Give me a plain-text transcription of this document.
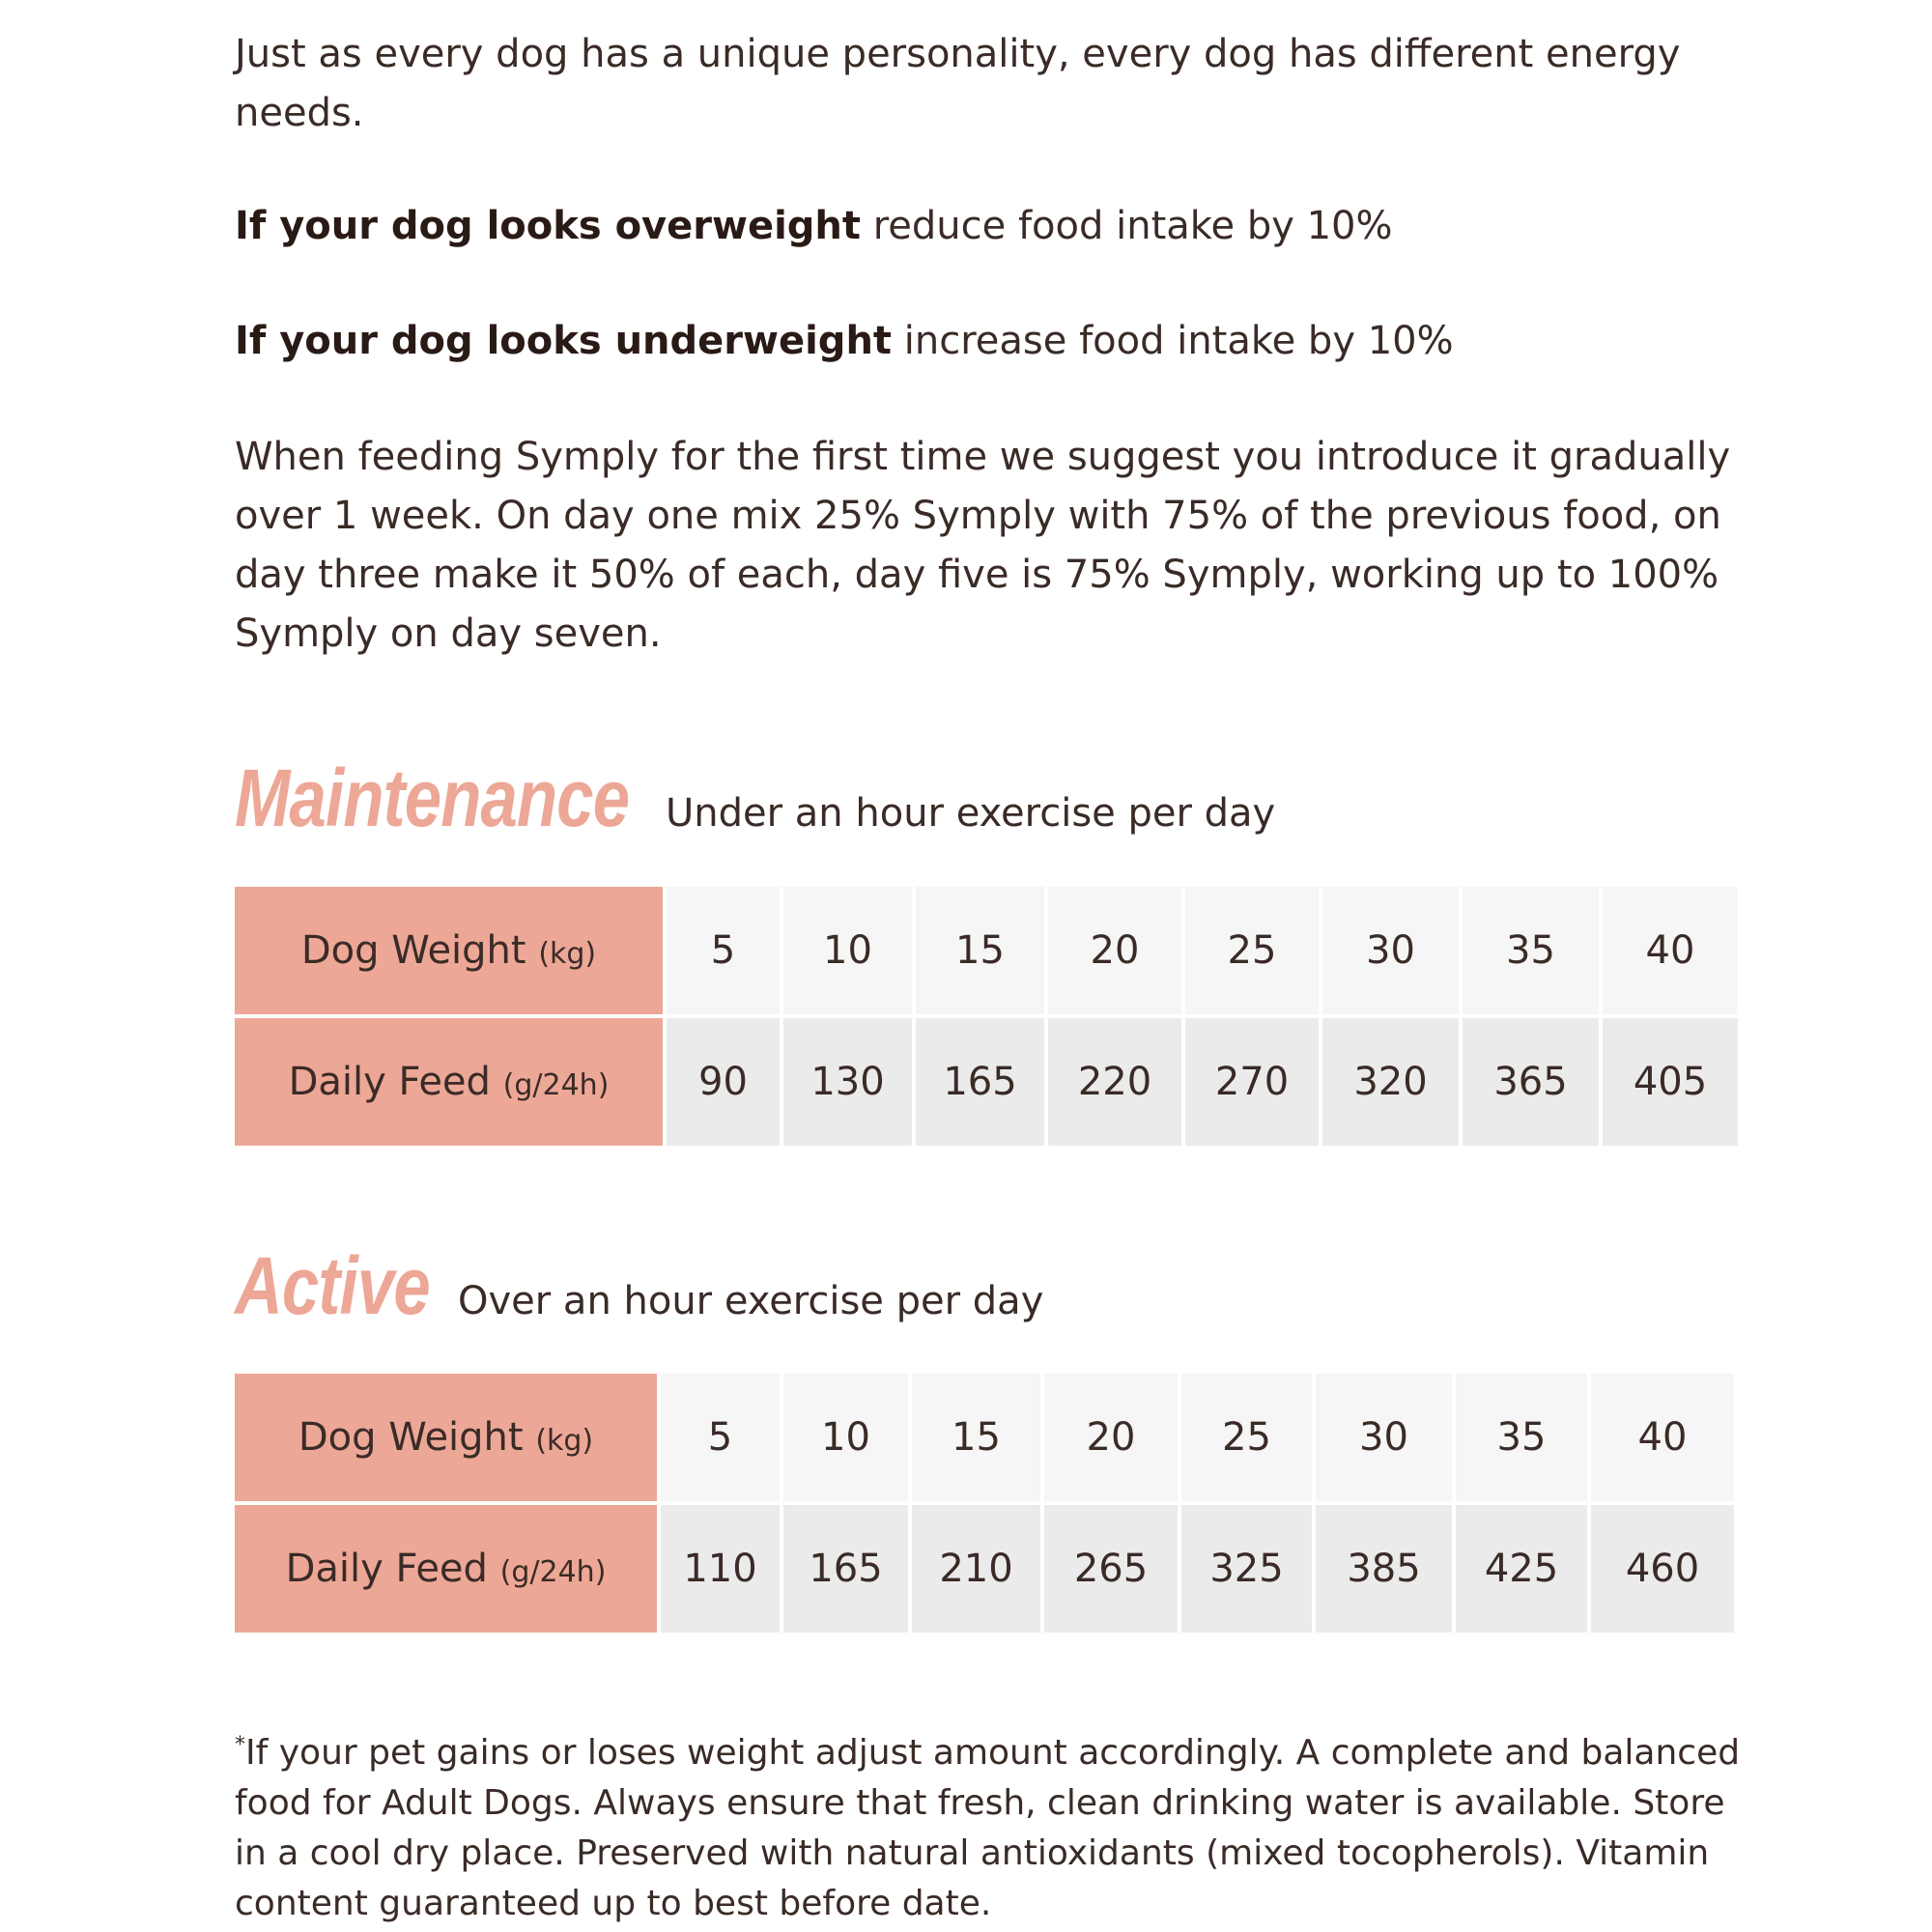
Just as every dog has a unique personality, every dog has different energy needs.

If your dog looks overweight reduce food intake by 10%

If your dog looks underweight increase food intake by 10%

When feeding Symply for the first time we suggest you introduce it gradually over 1 week. On day one mix 25% Symply with 75% of the previous food, on day three make it 50% of each, day five is 75% Symply, working up to 100% Symply on day seven.

Maintenance Under an hour exercise per day
Dog Weight (kg)	5	10	15	20	25	30	35	40
Daily Feed (g/24h)	90	130	165	220	270	320	365	405
Active Over an hour exercise per day
Dog Weight (kg)	5	10	15	20	25	30	35	40
Daily Feed (g/24h)	110	165	210	265	325	385	425	460

*If your pet gains or loses weight adjust amount accordingly. A complete and balanced food for Adult Dogs. Always ensure that fresh, clean drinking water is available. Store in a cool dry place. Preserved with natural antioxidants (mixed tocopherols). Vitamin content guaranteed up to best before date.
